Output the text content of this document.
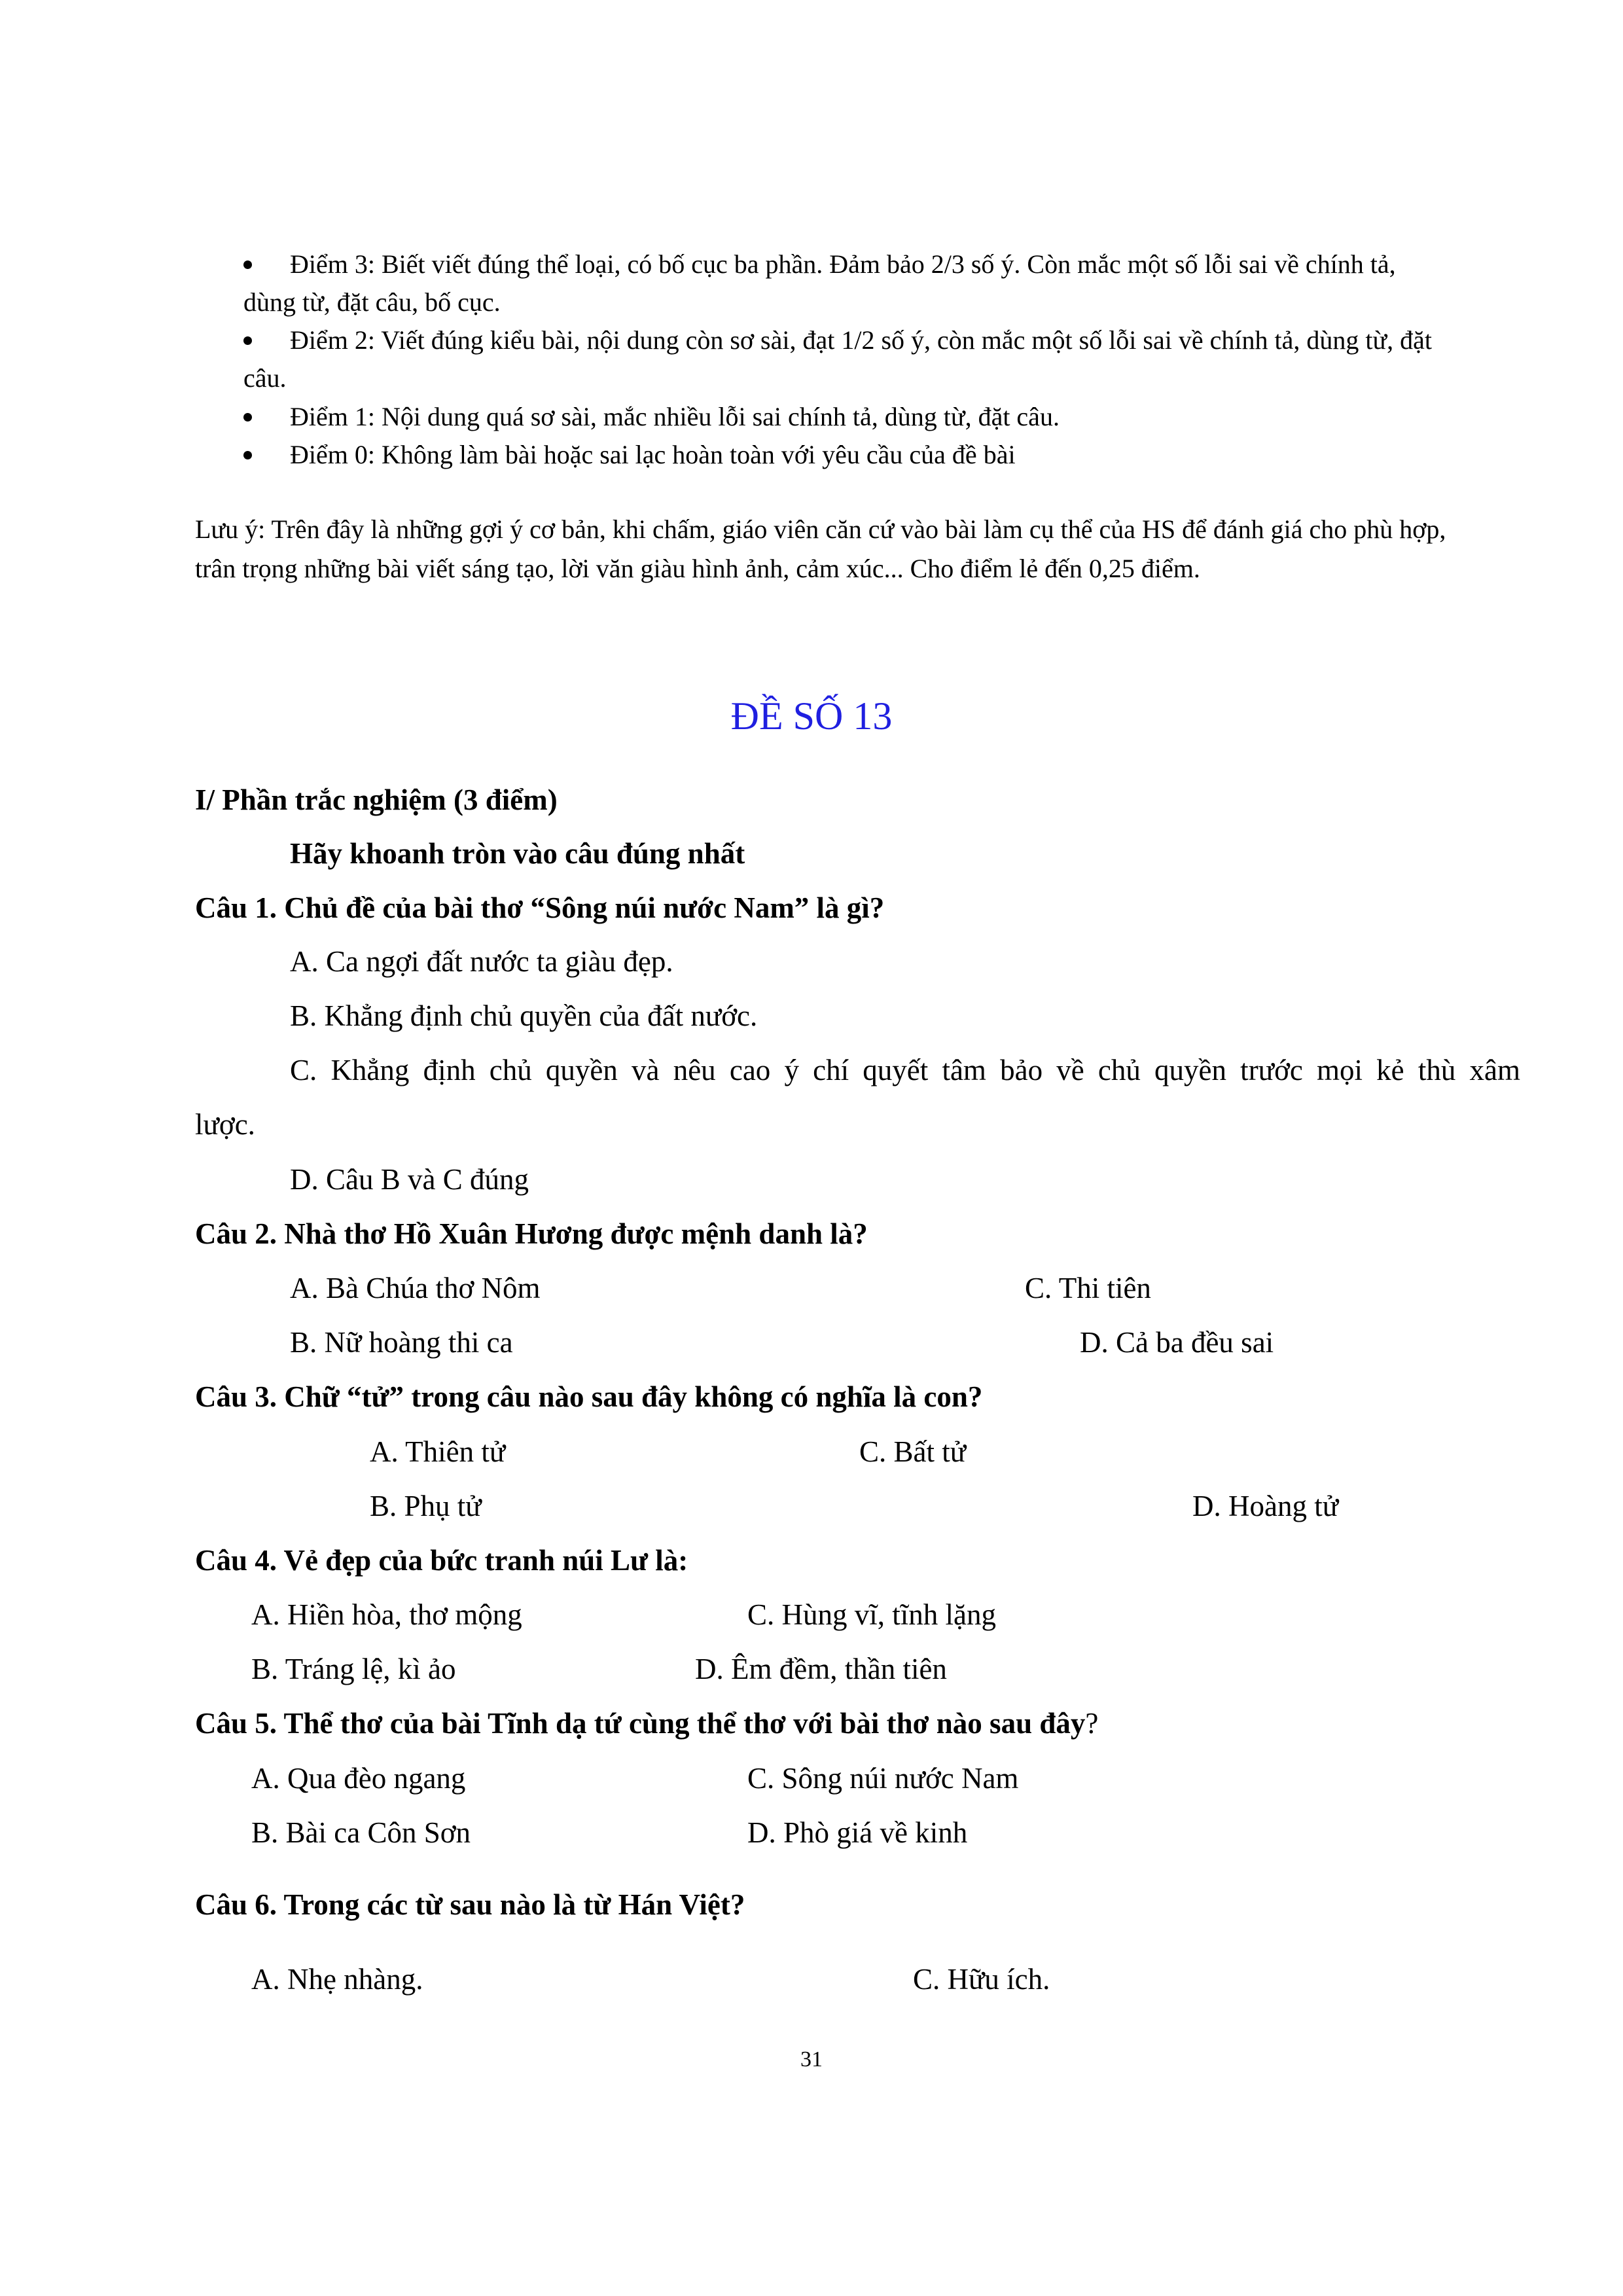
Điểm 3: Biết viết đúng thể loại, có bố cục ba phần. Đảm bảo 2/3 số ý. Còn mắc một số lỗi sai về chính tả,
dùng từ, đặt câu, bố cục.
Điểm 2: Viết đúng kiểu bài, nội dung còn sơ sài, đạt 1/2 số ý, còn mắc một số lỗi sai về chính tả, dùng từ, đặt
câu.
Điểm 1: Nội dung quá sơ sài, mắc nhiều lỗi sai chính tả, dùng từ, đặt câu.
Điểm 0: Không làm bài hoặc sai lạc hoàn toàn với yêu cầu của đề bài
Lưu ý: Trên đây là những gợi ý cơ bản, khi chấm, giáo viên căn cứ vào bài làm cụ thể của HS để đánh giá cho phù hợp,
trân trọng những bài viết sáng tạo, lời văn giàu hình ảnh, cảm xúc... Cho điểm lẻ đến 0,25 điểm.
ĐỀ SỐ 13
I/ Phần trắc nghiệm (3 điểm)
Hãy khoanh tròn vào câu đúng nhất
Câu 1. Chủ đề của bài thơ “Sông núi nước Nam” là gì?
A. Ca ngợi đất nước ta giàu đẹp.
B. Khẳng định chủ quyền của đất nước.
C. Khẳng định chủ quyền và nêu cao ý chí quyết tâm bảo về chủ quyền trước mọi kẻ thù xâm
lược.
D. Câu B và C đúng
Câu 2. Nhà thơ Hồ Xuân Hương được mệnh danh là?
A. Bà Chúa thơ Nôm	C. Thi tiên
B. Nữ hoàng thi ca	D. Cả ba đều sai
Câu 3. Chữ “tử” trong câu nào sau đây không có nghĩa là con?
A. Thiên tử	C. Bất tử
B. Phụ tử	D. Hoàng tử
Câu 4. Vẻ đẹp của bức tranh núi Lư là:
A. Hiền hòa, thơ mộng	C. Hùng vĩ, tĩnh lặng
B. Tráng lệ, kì ảo	D. Êm đềm, thần tiên
Câu 5. Thể thơ của bài Tĩnh dạ tứ cùng thể thơ với bài thơ nào sau đây?
A. Qua đèo ngang	C. Sông núi nước Nam
B. Bài ca Côn Sơn	D. Phò giá về kinh
Câu 6. Trong các từ sau nào là từ Hán Việt?
A. Nhẹ nhàng.	C. Hữu ích.
31
